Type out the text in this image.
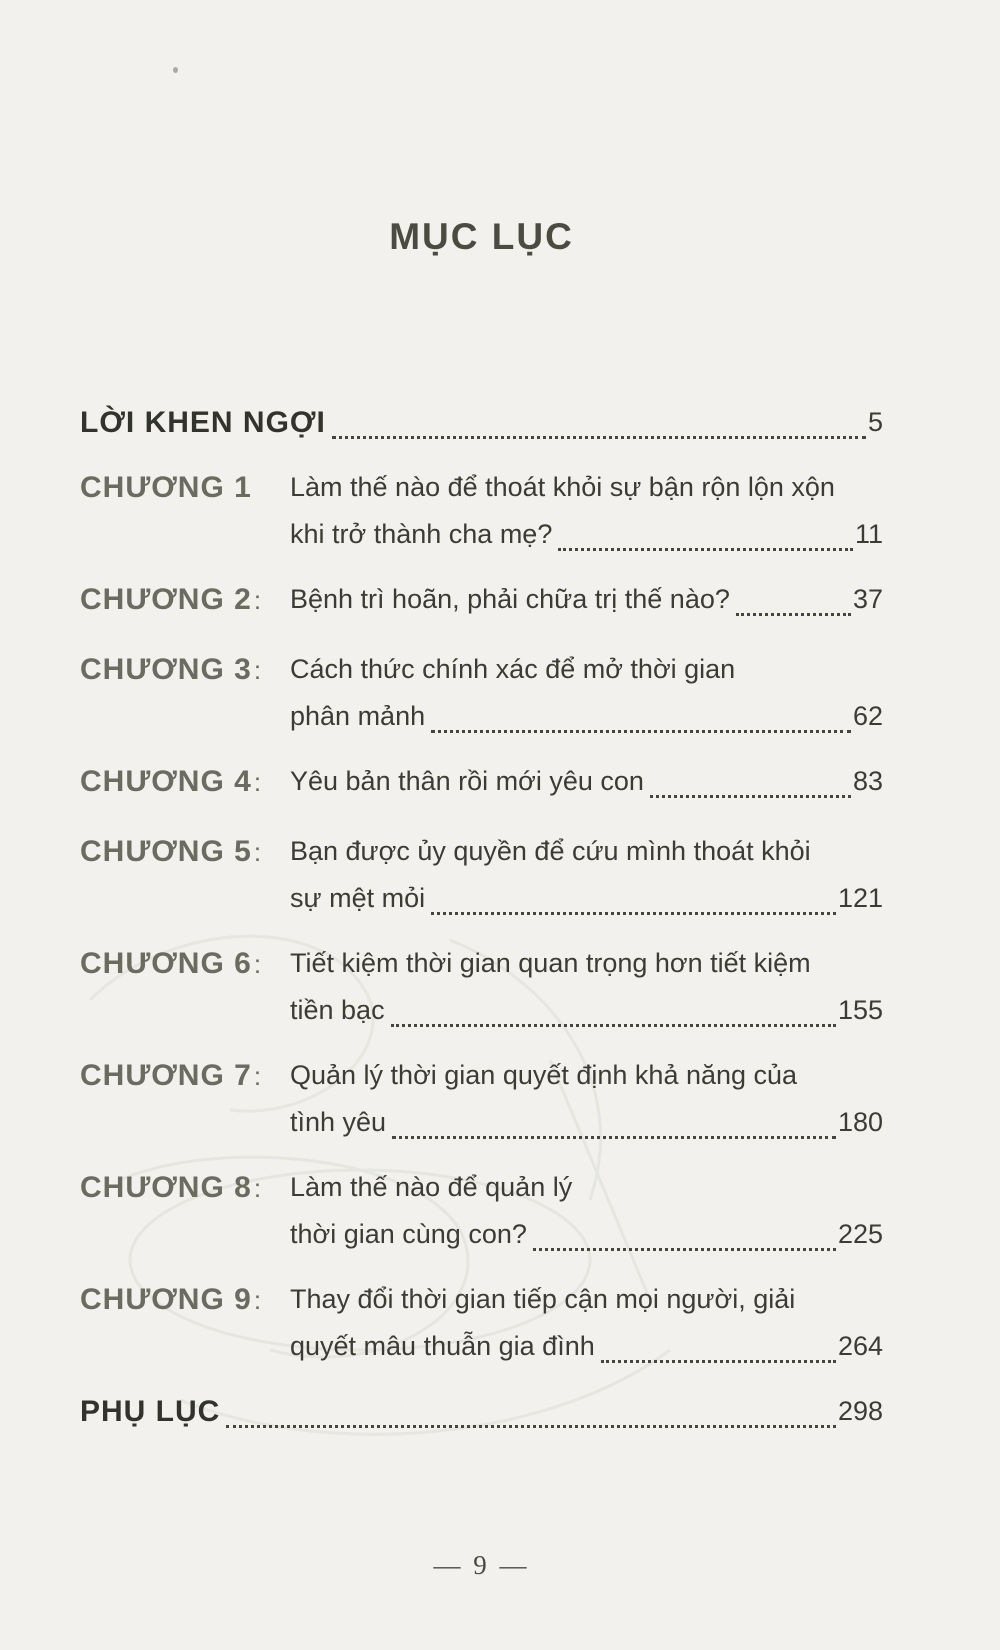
MỤC LỤC
LỜI KHEN NGỢI	5
CHƯƠNG 1	Làm thế nào để thoát khỏi sự bận rộn lộn xộn
khi trở thành cha mẹ?	11
CHƯƠNG 2:	Bệnh trì hoãn, phải chữa trị thế nào?	37
CHƯƠNG 3:	Cách thức chính xác để mở thời gian
phân mảnh	62
CHƯƠNG 4:	Yêu bản thân rồi mới yêu con	83
CHƯƠNG 5:	Bạn được ủy quyền để cứu mình thoát khỏi
sự mệt mỏi	121
CHƯƠNG 6:	Tiết kiệm thời gian quan trọng hơn tiết kiệm
tiền bạc	155
CHƯƠNG 7:	Quản lý thời gian quyết định khả năng của
tình yêu	180
CHƯƠNG 8:	Làm thế nào để quản lý
thời gian cùng con?	225
CHƯƠNG 9:	Thay đổi thời gian tiếp cận mọi người, giải
quyết mâu thuẫn gia đình	264
PHỤ LỤC	298
— 9 —
